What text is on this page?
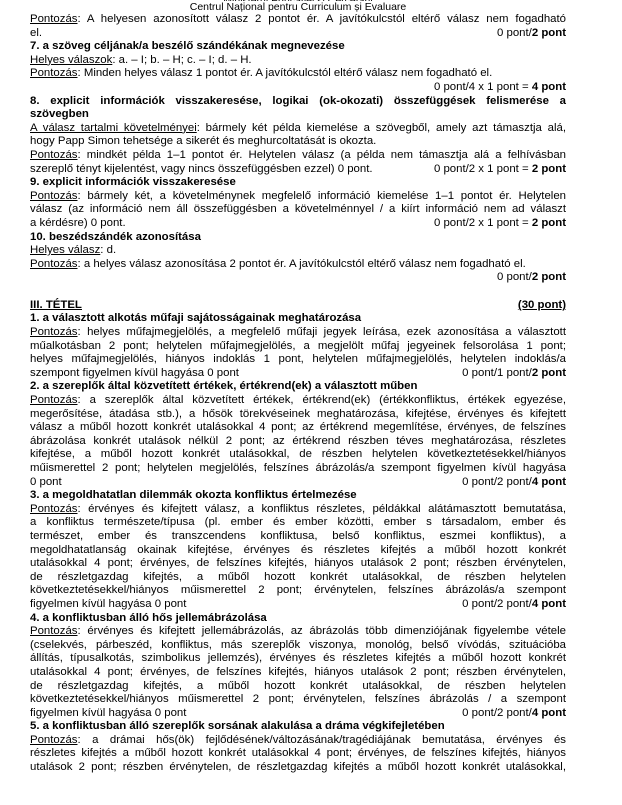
Centrul Național pentru Curriculum și Evaluare
Pontozás: A helyesen azonosított válasz 2 pontot ér. A javítókulcstól eltérő válasz nem fogadható
el.	0 pont/2 pont
7. a szöveg céljának/a beszélő szándékának megnevezése
Helyes válaszok: a. – I; b. – H; c. – I; d. – H.
Pontozás: Minden helyes válasz 1 pontot ér. A javítókulcstól eltérő válasz nem fogadható el.
0 pont/4 x 1 pont = 4 pont
8. explicit információk visszakeresése, logikai (ok-okozati) összefüggések felismerése a
szövegben
A válasz tartalmi követelményei: bármely két példa kiemelése a szövegből, amely azt támasztja alá,
hogy Papp Simon tehetsége a sikerét és meghurcoltatását is okozta.
Pontozás: mindkét példa 1–1 pontot ér. Helytelen válasz (a példa nem támasztja alá a felhívásban
szereplő tényt kijelentést, vagy nincs összefüggésben ezzel) 0 pont.	0 pont/2 x 1 pont = 2 pont
9. explicit információk visszakeresése
Pontozás: bármely két, a követelménynek megfelelő információ kiemelése 1–1 pontot ér. Helytelen
válasz (az információ nem áll összefüggésben a követelménnyel / a kiírt információ nem ad választ
a kérdésre) 0 pont.	0 pont/2 x 1 pont = 2 pont
10. beszédszándék azonosítása
Helyes válasz: d.
Pontozás: a helyes válasz azonosítása 2 pontot ér. A javítókulcstól eltérő válasz nem fogadható el.
0 pont/2 pont
III. TÉTEL	(30 pont)
1. a választott alkotás műfaji sajátosságainak meghatározása
Pontozás: helyes műfajmegjelölés, a megfelelő műfaji jegyek leírása, ezek azonosítása a választott
műalkotásban 2 pont; helytelen műfajmegjelölés, a megjelölt műfaj jegyeinek felsorolása 1 pont;
helyes műfajmegjelölés, hiányos indoklás 1 pont, helytelen műfajmegjelölés, helytelen indoklás/a
szempont figyelmen kívül hagyása 0 pont	0 pont/1 pont/2 pont
2. a szereplők által közvetített értékek, értékrend(ek) a választott műben
Pontozás: a szereplők által közvetített értékek, értékrend(ek) (értékkonfliktus, értékek egyezése,
megerősítése, átadása stb.), a hősök törekvéseinek meghatározása, kifejtése, érvényes és kifejtett
válasz a műből hozott konkrét utalásokkal 4 pont; az értékrend megemlítése, érvényes, de felszínes
ábrázolása konkrét utalások nélkül 2 pont; az értékrend részben téves meghatározása, részletes
kifejtése, a műből hozott konkrét utalásokkal, de részben helytelen következtetésekkel/hiányos
műismerettel 2 pont; helytelen megjelölés, felszínes ábrázolás/a szempont figyelmen kívül hagyása
0 pont	0 pont/2 pont/4 pont
3. a megoldhatatlan dilemmák okozta konfliktus értelmezése
Pontozás: érvényes és kifejtett válasz, a konfliktus részletes, példákkal alátámasztott bemutatása,
a konfliktus természete/típusa (pl. ember és ember közötti, ember s társadalom, ember és
természet, ember és transzcendens konfliktusa, belső konfliktus, eszmei konfliktus), a
megoldhatatlanság okainak kifejtése, érvényes és részletes kifejtés a műből hozott konkrét
utalásokkal 4 pont; érvényes, de felszínes kifejtés, hiányos utalások 2 pont; részben érvénytelen,
de részletgazdag kifejtés, a műből hozott konkrét utalásokkal, de részben helytelen
következtetésekkel/hiányos műismerettel 2 pont; érvénytelen, felszínes ábrázolás/a szempont
figyelmen kívül hagyása 0 pont	0 pont/2 pont/4 pont
4. a konfliktusban álló hős jellemábrázolása
Pontozás: érvényes és kifejtett jellemábrázolás, az ábrázolás több dimenziójának figyelembe vétele
(cselekvés, párbeszéd, konfliktus, más szereplők viszonya, monológ, belső vívódás, szituációba
állítás, típusalkotás, szimbolikus jellemzés), érvényes és részletes kifejtés a műből hozott konkrét
utalásokkal 4 pont; érvényes, de felszínes kifejtés, hiányos utalások 2 pont; részben érvénytelen,
de részletgazdag kifejtés, a műből hozott konkrét utalásokkal, de részben helytelen
következtetésekkel/hiányos műismerettel 2 pont; érvénytelen, felszínes ábrázolás / a szempont
figyelmen kívül hagyása 0 pont	0 pont/2 pont/4 pont
5. a konfliktusban álló szereplők sorsának alakulása a dráma végkifejletében
Pontozás: a drámai hős(ök) fejlődésének/változásának/tragédiájának bemutatása, érvényes és
részletes kifejtés a műből hozott konkrét utalásokkal 4 pont; érvényes, de felszínes kifejtés, hiányos
utalások 2 pont; részben érvénytelen, de részletgazdag kifejtés a műből hozott konkrét utalásokkal,
